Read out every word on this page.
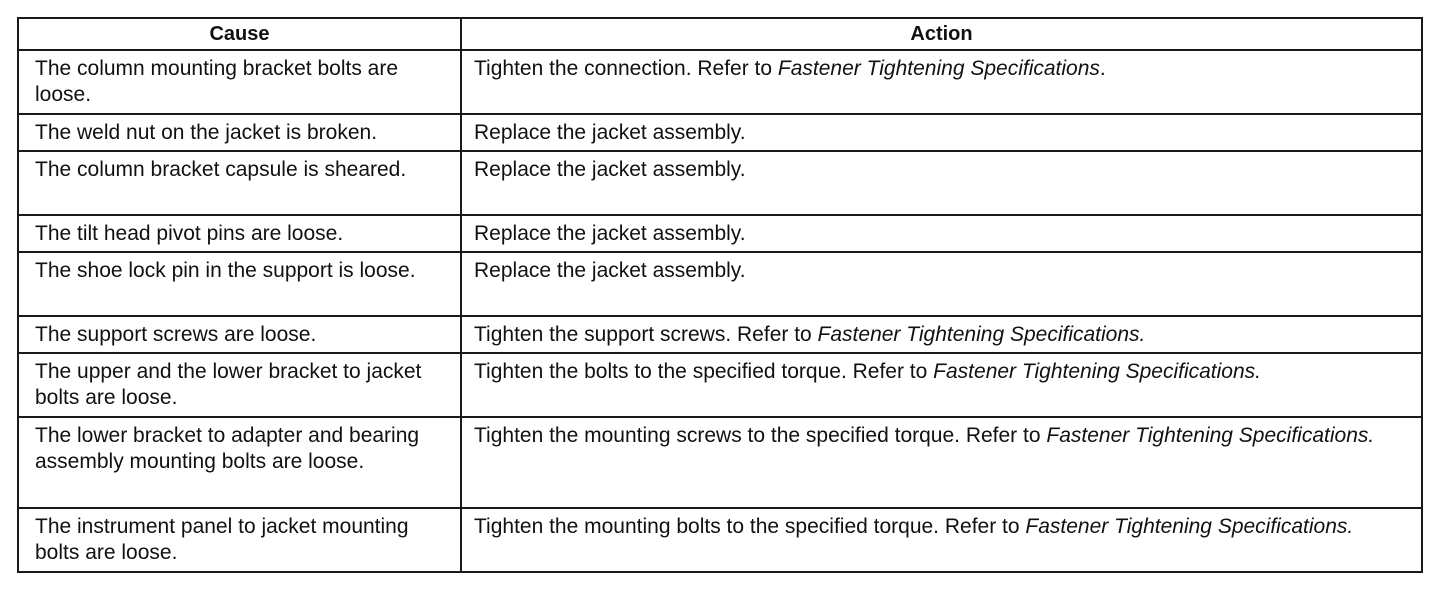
Cause	Action

The column mounting bracket bolts are loose.	Tighten the connection. Refer to Fastener Tightening Specifications.

The weld nut on the jacket is broken.	Replace the jacket assembly.

The column bracket capsule is sheared.	Replace the jacket assembly.

The tilt head pivot pins are loose.	Replace the jacket assembly.

The shoe lock pin in the support is loose.	Replace the jacket assembly.

The support screws are loose.	Tighten the support screws. Refer to Fastener Tightening Specifications.

The upper and the lower bracket to jacket bolts are loose.	Tighten the bolts to the specified torque. Refer to Fastener Tightening Specifications.

The lower bracket to adapter and bearing assembly mounting bolts are loose.	Tighten the mounting screws to the specified torque. Refer to Fastener Tightening Specifications.

The instrument panel to jacket mounting bolts are loose.	Tighten the mounting bolts to the specified torque. Refer to Fastener Tightening Specifications.
